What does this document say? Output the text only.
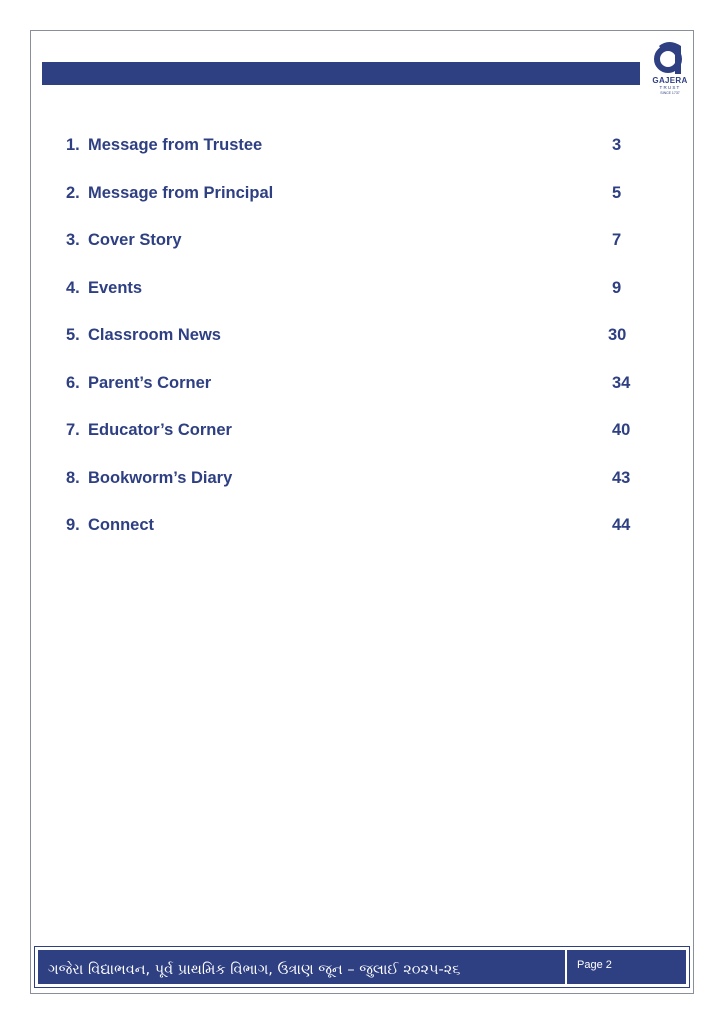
GAJERA
TRUST
SINCE 1737
1. Message from Trustee	3
2. Message from Principal	5
3. Cover Story	7
4. Events	9
5. Classroom News	30
6. Parent’s Corner	34
7. Educator’s Corner	40
8. Bookworm’s Diary	43
9. Connect	44
ગજેરા વિદ્યાભવન, પૂર્વ પ્રાથમિક વિભાગ, ઉત્રાણ જૂન – જુલાઈ ૨૦૨૫-૨૬	Page 2
